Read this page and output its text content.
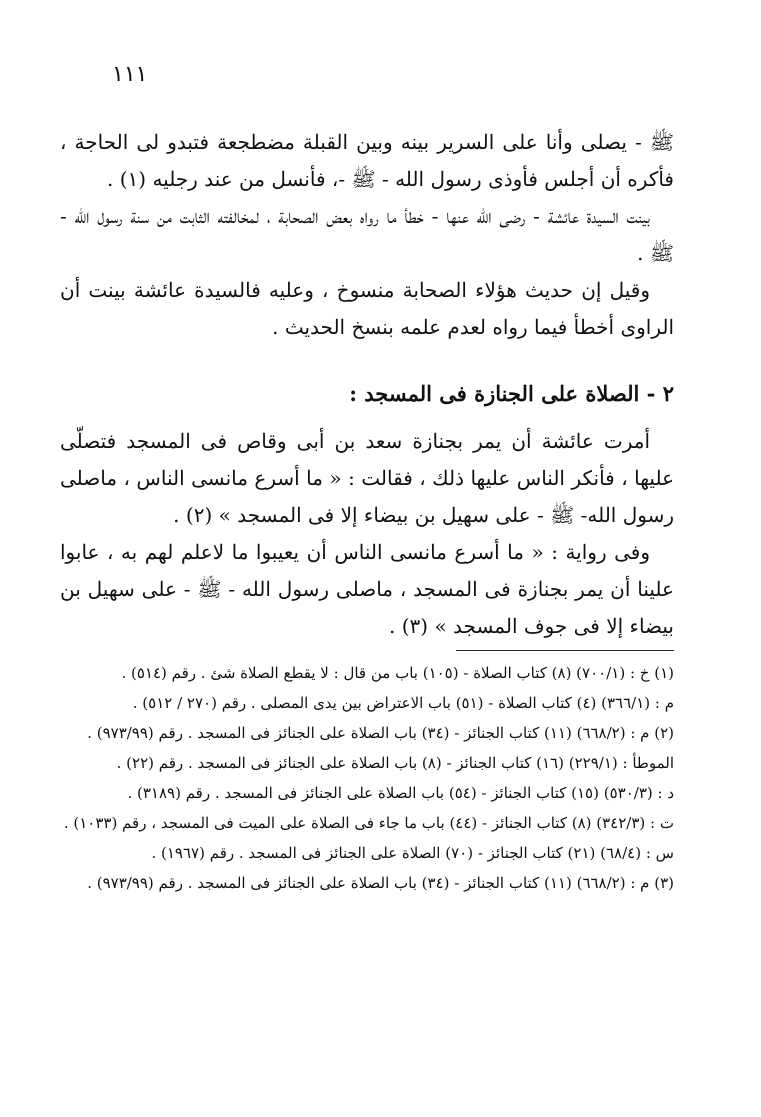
١١١

ﷺ - يصلى وأنا على السرير بينه وبين القبلة مضطجعة فتبدو لى الحاجة ، فأكره أن أجلس فأوذى رسول الله - ﷺ -، فأنسل من عند رجليه (١) .

بينت السيدة عائشة - رضى الله عنها - خطأ ما رواه بعض الصحابة ، لمخالفته الثابت من سنة رسول الله - ﷺ .

وقيل إن حديث هؤلاء الصحابة منسوخ ، وعليه فالسيدة عائشة بينت أن الراوى أخطأ فيما رواه لعدم علمه بنسخ الحديث .

٢ - الصلاة على الجنازة فى المسجد :

أمرت عائشة أن يمر بجنازة سعد بن أبى وقاص فى المسجد فتصلّى عليها ، فأنكر الناس عليها ذلك ، فقالت : « ما أسرع مانسى الناس ، ماصلى رسول الله- ﷺ - على سهيل بن بيضاء إلا فى المسجد » (٢) .

وفى رواية : « ما أسرع مانسى الناس أن يعيبوا ما لاعلم لهم به ، عابوا علينا أن يمر بجنازة فى المسجد ، ماصلى رسول الله - ﷺ - على سهيل بن بيضاء إلا فى جوف المسجد » (٣) .

(١) خ : (٧٠٠/١) (٨) كتاب الصلاة - (١٠٥) باب من قال : لا يقطع الصلاة شئ . رقم (٥١٤) .

م : (٣٦٦/١) (٤) كتاب الصلاة - (٥١) باب الاعتراض بين يدى المصلى . رقم (٢٧٠ / ٥١٢) .

(٢) م : (٦٦٨/٢) (١١) كتاب الجنائز - (٣٤) باب الصلاة على الجنائز فى المسجد . رقم (٩٧٣/٩٩) .

الموطأ : (٢٢٩/١) (١٦) كتاب الجنائز - (٨) باب الصلاة على الجنائز فى المسجد . رقم (٢٢) .

د : (٥٣٠/٣) (١٥) كتاب الجنائز - (٥٤) باب الصلاة على الجنائز فى المسجد . رقم (٣١٨٩) .

ت : (٣٤٢/٣) (٨) كتاب الجنائز - (٤٤) باب ما جاء فى الصلاة على الميت فى المسجد ، رقم (١٠٣٣) .

س : (٦٨/٤) (٢١) كتاب الجنائز - (٧٠) الصلاة على الجنائز فى المسجد . رقم (١٩٦٧) .

(٣) م : (٦٦٨/٢) (١١) كتاب الجنائز - (٣٤) باب الصلاة على الجنائز فى المسجد . رقم (٩٧٣/٩٩) .
